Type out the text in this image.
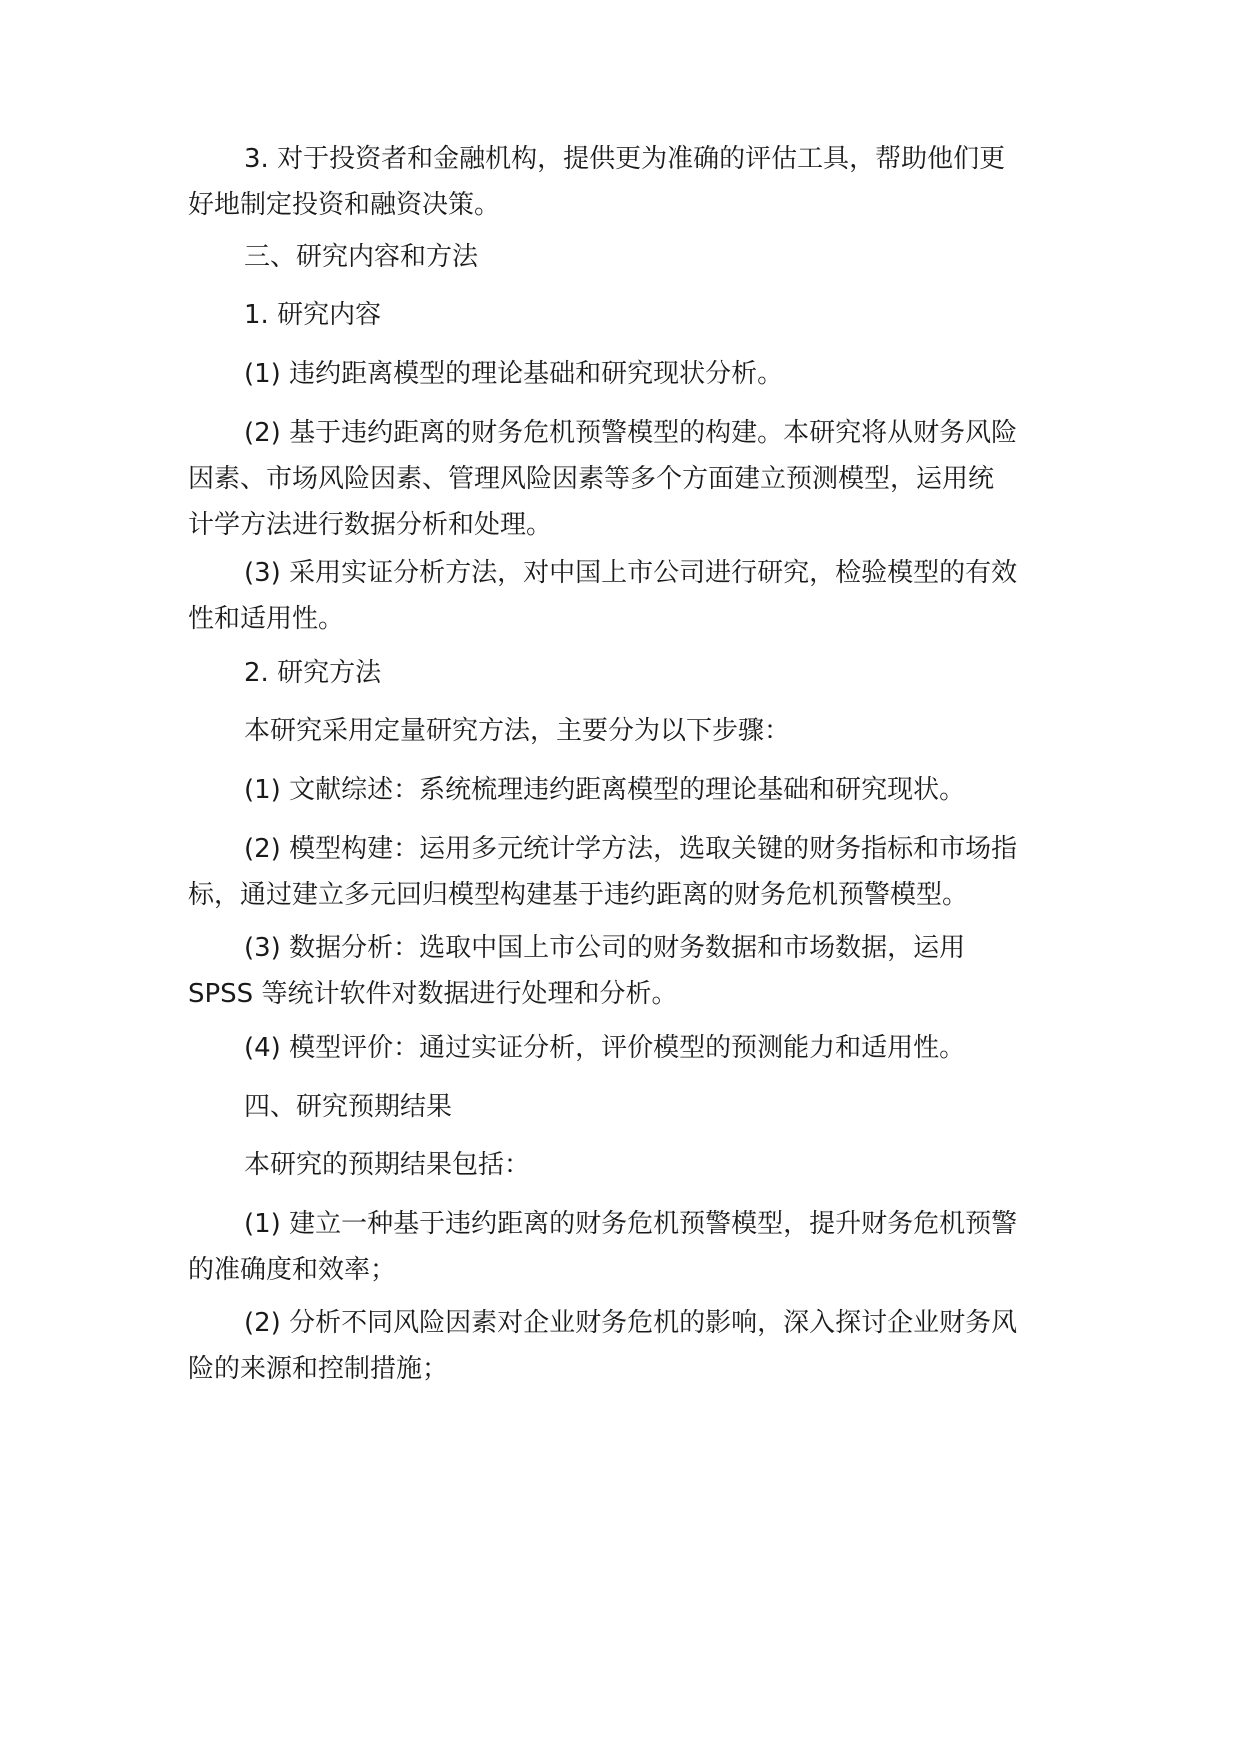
3. 对于投资者和金融机构，提供更为准确的评估工具，帮助他们更
好地制定投资和融资决策。

三、研究内容和方法

1. 研究内容

(1) 违约距离模型的理论基础和研究现状分析。

(2) 基于违约距离的财务危机预警模型的构建。本研究将从财务风险
因素、市场风险因素、管理风险因素等多个方面建立预测模型，运用统
计学方法进行数据分析和处理。

(3) 采用实证分析方法，对中国上市公司进行研究，检验模型的有效
性和适用性。

2. 研究方法

本研究采用定量研究方法，主要分为以下步骤：

(1) 文献综述：系统梳理违约距离模型的理论基础和研究现状。

(2) 模型构建：运用多元统计学方法，选取关键的财务指标和市场指
标，通过建立多元回归模型构建基于违约距离的财务危机预警模型。

(3) 数据分析：选取中国上市公司的财务数据和市场数据，运用
SPSS 等统计软件对数据进行处理和分析。

(4) 模型评价：通过实证分析，评价模型的预测能力和适用性。

四、研究预期结果

本研究的预期结果包括：

(1) 建立一种基于违约距离的财务危机预警模型，提升财务危机预警
的准确度和效率；

(2) 分析不同风险因素对企业财务危机的影响，深入探讨企业财务风
险的来源和控制措施；
